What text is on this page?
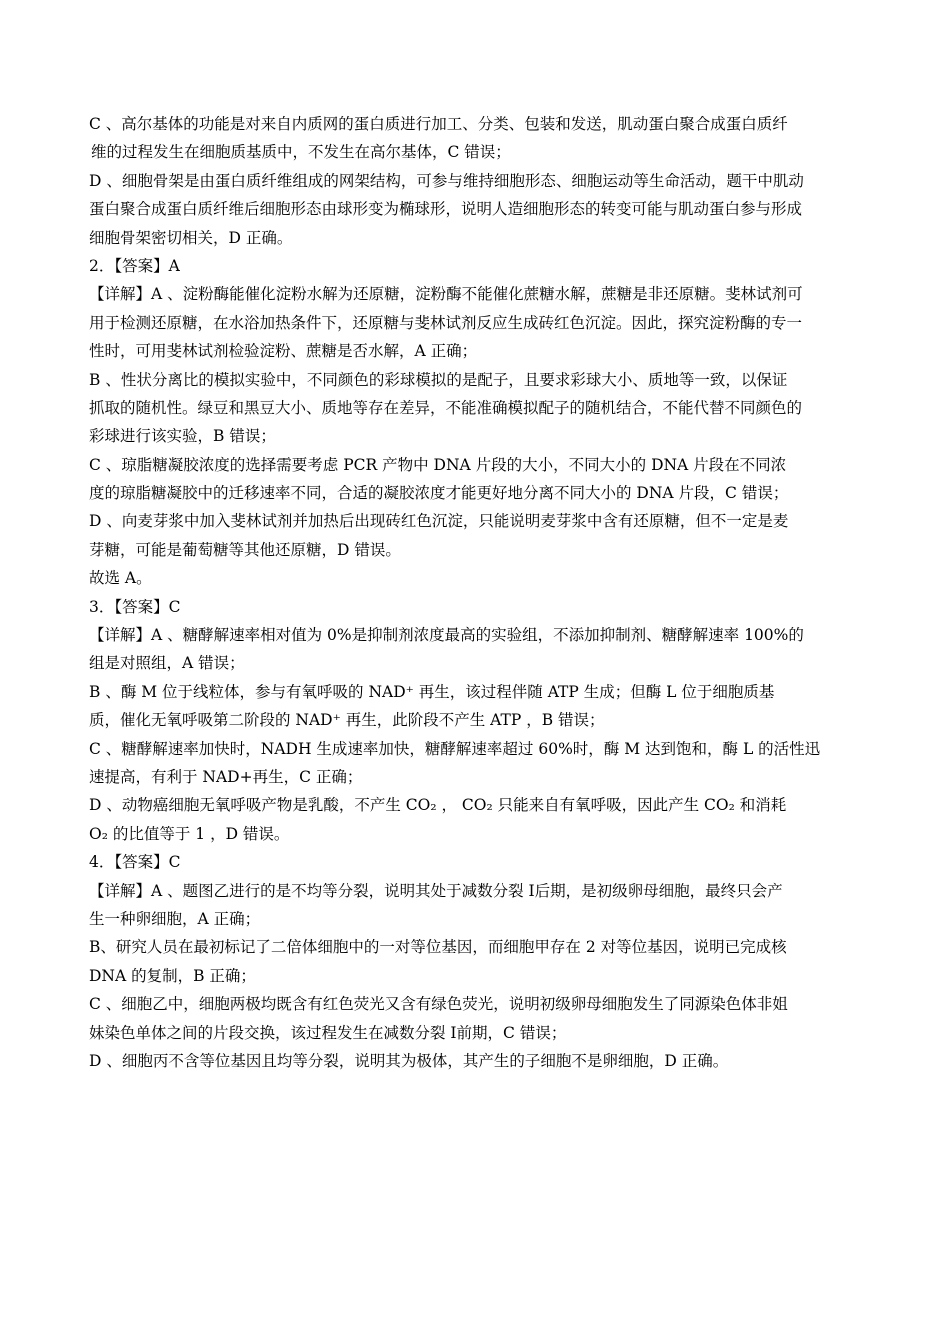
C 、高尔基体的功能是对来自内质网的蛋白质进行加工、分类、包装和发送，肌动蛋白聚合成蛋白质纤
维的过程发生在细胞质基质中，不发生在高尔基体，C 错误；
D 、细胞骨架是由蛋白质纤维组成的网架结构，可参与维持细胞形态、细胞运动等生命活动，题干中肌动
蛋白聚合成蛋白质纤维后细胞形态由球形变为椭球形，说明人造细胞形态的转变可能与肌动蛋白参与形成
细胞骨架密切相关，D 正确。
2．【答案】A
【详解】A 、淀粉酶能催化淀粉水解为还原糖，淀粉酶不能催化蔗糖水解，蔗糖是非还原糖。斐林试剂可
用于检测还原糖，在水浴加热条件下，还原糖与斐林试剂反应生成砖红色沉淀。因此，探究淀粉酶的专一
性时，可用斐林试剂检验淀粉、蔗糖是否水解，A 正确；
B 、性状分离比的模拟实验中，不同颜色的彩球模拟的是配子，且要求彩球大小、质地等一致，以保证
抓取的随机性。绿豆和黑豆大小、质地等存在差异，不能准确模拟配子的随机结合，不能代替不同颜色的
彩球进行该实验，B 错误；
C 、琼脂糖凝胶浓度的选择需要考虑 PCR 产物中 DNA 片段的大小，不同大小的 DNA 片段在不同浓
度的琼脂糖凝胶中的迁移速率不同，合适的凝胶浓度才能更好地分离不同大小的 DNA 片段，C 错误；
D 、向麦芽浆中加入斐林试剂并加热后出现砖红色沉淀，只能说明麦芽浆中含有还原糖，但不一定是麦
芽糖，可能是葡萄糖等其他还原糖，D 错误。
故选 A。
3．【答案】C
【详解】A 、糖酵解速率相对值为 0%是抑制剂浓度最高的实验组，不添加抑制剂、糖酵解速率 100%的
组是对照组，A 错误；
B 、酶 M 位于线粒体，参与有氧呼吸的 NAD⁺ 再生，该过程伴随 ATP 生成；但酶 L 位于细胞质基
质，催化无氧呼吸第二阶段的 NAD⁺ 再生，此阶段不产生 ATP ，B 错误；
C 、糖酵解速率加快时，NADH 生成速率加快，糖酵解速率超过 60%时，酶 M 达到饱和，酶 L 的活性迅
速提高，有利于 NAD+再生，C 正确；
D 、动物癌细胞无氧呼吸产物是乳酸，不产生 CO₂ ， CO₂ 只能来自有氧呼吸，因此产生 CO₂ 和消耗
O₂ 的比值等于 1 ，D 错误。
4．【答案】C
【详解】A 、题图乙进行的是不均等分裂，说明其处于减数分裂 Ⅰ后期，是初级卵母细胞，最终只会产
生一种卵细胞，A 正确；
B、研究人员在最初标记了二倍体细胞中的一对等位基因，而细胞甲存在 2 对等位基因，说明已完成核
DNA 的复制，B 正确；
C 、细胞乙中，细胞两极均既含有红色荧光又含有绿色荧光，说明初级卵母细胞发生了同源染色体非姐
妹染色单体之间的片段交换，该过程发生在减数分裂 Ⅰ前期，C 错误；
D 、细胞丙不含等位基因且均等分裂，说明其为极体，其产生的子细胞不是卵细胞，D 正确。
